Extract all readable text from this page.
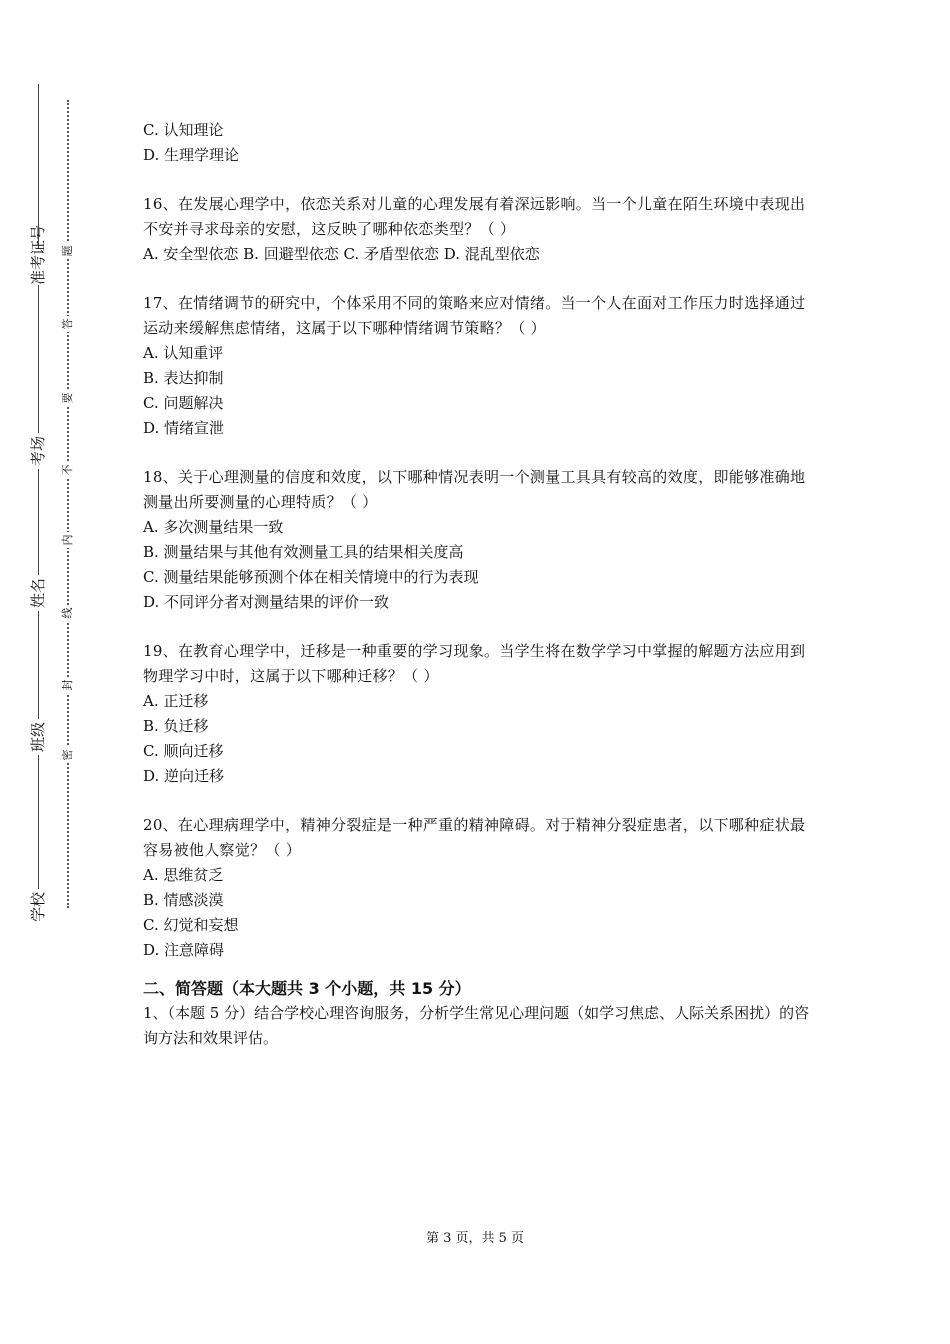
准考证号
考场
姓名
班级
学校
题
答
要
不
内
线
封
密

C. 认知理论

D. 生理学理论

16、在发展心理学中，依恋关系对儿童的心理发展有着深远影响。当一个儿童在陌生环境中表现出不安并寻求母亲的安慰，这反映了哪种依恋类型？（ ）

A. 安全型依恋 B. 回避型依恋 C. 矛盾型依恋 D. 混乱型依恋

17、在情绪调节的研究中，个体采用不同的策略来应对情绪。当一个人在面对工作压力时选择通过运动来缓解焦虑情绪，这属于以下哪种情绪调节策略？（ ）

A. 认知重评

B. 表达抑制

C. 问题解决

D. 情绪宣泄

18、关于心理测量的信度和效度，以下哪种情况表明一个测量工具具有较高的效度，即能够准确地测量出所要测量的心理特质？（ ）

A. 多次测量结果一致

B. 测量结果与其他有效测量工具的结果相关度高

C. 测量结果能够预测个体在相关情境中的行为表现

D. 不同评分者对测量结果的评价一致

19、在教育心理学中，迁移是一种重要的学习现象。当学生将在数学学习中掌握的解题方法应用到物理学习中时，这属于以下哪种迁移？（ ）

A. 正迁移

B. 负迁移

C. 顺向迁移

D. 逆向迁移

20、在心理病理学中，精神分裂症是一种严重的精神障碍。对于精神分裂症患者，以下哪种症状最容易被他人察觉？（ ）

A. 思维贫乏

B. 情感淡漠

C. 幻觉和妄想

D. 注意障碍

二、简答题（本大题共 3 个小题，共 15 分）

1、（本题 5 分）结合学校心理咨询服务，分析学生常见心理问题（如学习焦虑、人际关系困扰）的咨询方法和效果评估。

第 3 页，共 5 页
